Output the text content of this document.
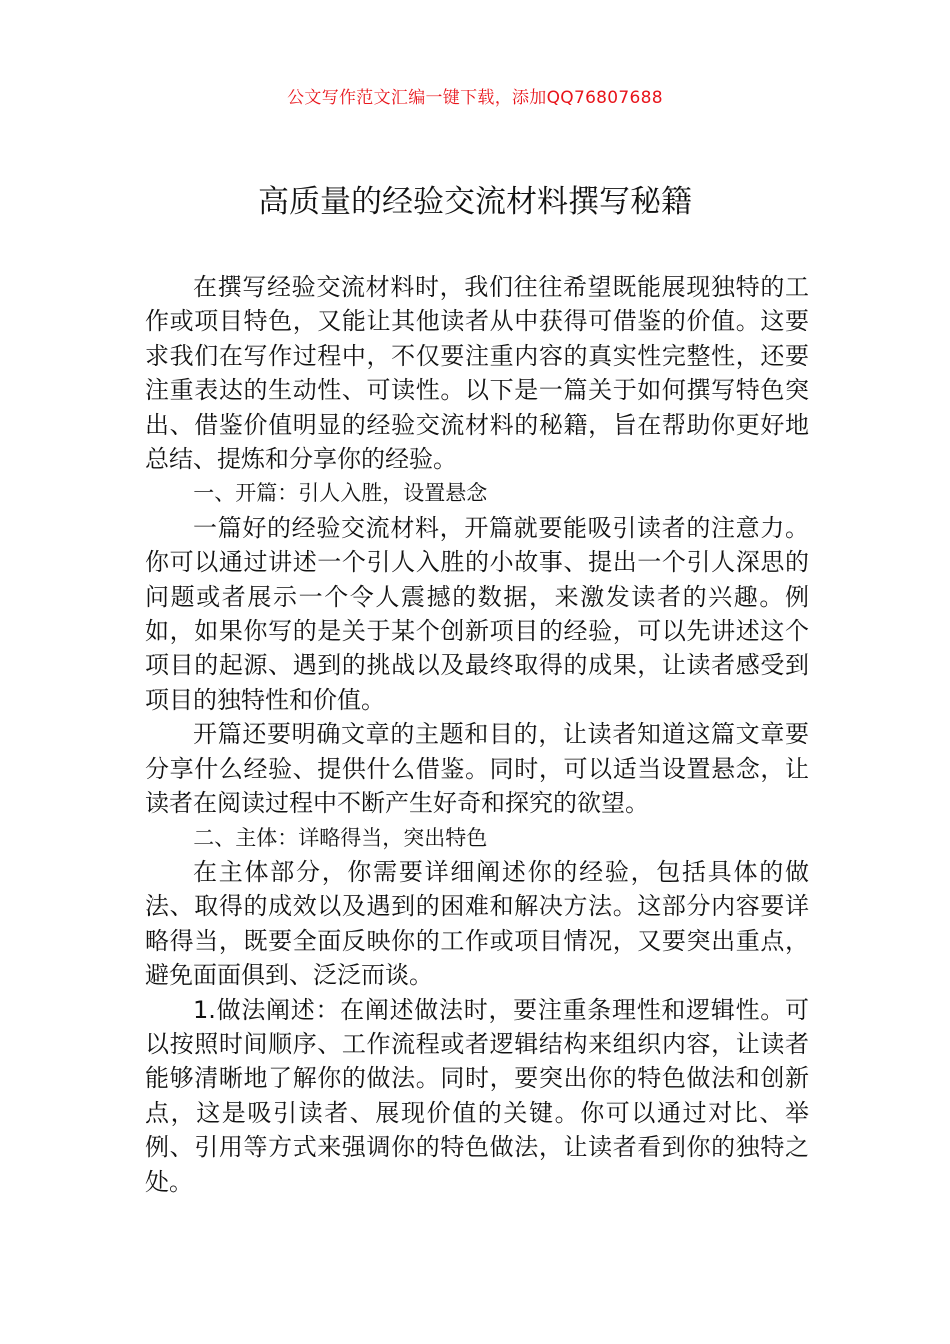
公文写作范文汇编一键下载，添加QQ76807688
高质量的经验交流材料撰写秘籍

在撰写经验交流材料时，我们往往希望既能展现独特的工作或项目特色，又能让其他读者从中获得可借鉴的价值。这要求我们在写作过程中，不仅要注重内容的真实性完整性，还要注重表达的生动性、可读性。以下是一篇关于如何撰写特色突出、借鉴价值明显的经验交流材料的秘籍，旨在帮助你更好地总结、提炼和分享你的经验。

一、开篇：引人入胜，设置悬念

一篇好的经验交流材料，开篇就要能吸引读者的注意力。你可以通过讲述一个引人入胜的小故事、提出一个引人深思的问题或者展示一个令人震撼的数据，来激发读者的兴趣。例如，如果你写的是关于某个创新项目的经验，可以先讲述这个项目的起源、遇到的挑战以及最终取得的成果，让读者感受到项目的独特性和价值。

开篇还要明确文章的主题和目的，让读者知道这篇文章要分享什么经验、提供什么借鉴。同时，可以适当设置悬念，让读者在阅读过程中不断产生好奇和探究的欲望。

二、主体：详略得当，突出特色

在主体部分，你需要详细阐述你的经验，包括具体的做法、取得的成效以及遇到的困难和解决方法。这部分内容要详略得当，既要全面反映你的工作或项目情况，又要突出重点，避免面面俱到、泛泛而谈。

1.做法阐述：在阐述做法时，要注重条理性和逻辑性。可以按照时间顺序、工作流程或者逻辑结构来组织内容，让读者能够清晰地了解你的做法。同时，要突出你的特色做法和创新点，这是吸引读者、展现价值的关键。你可以通过对比、举例、引用等方式来强调你的特色做法，让读者看到你的独特之处。
